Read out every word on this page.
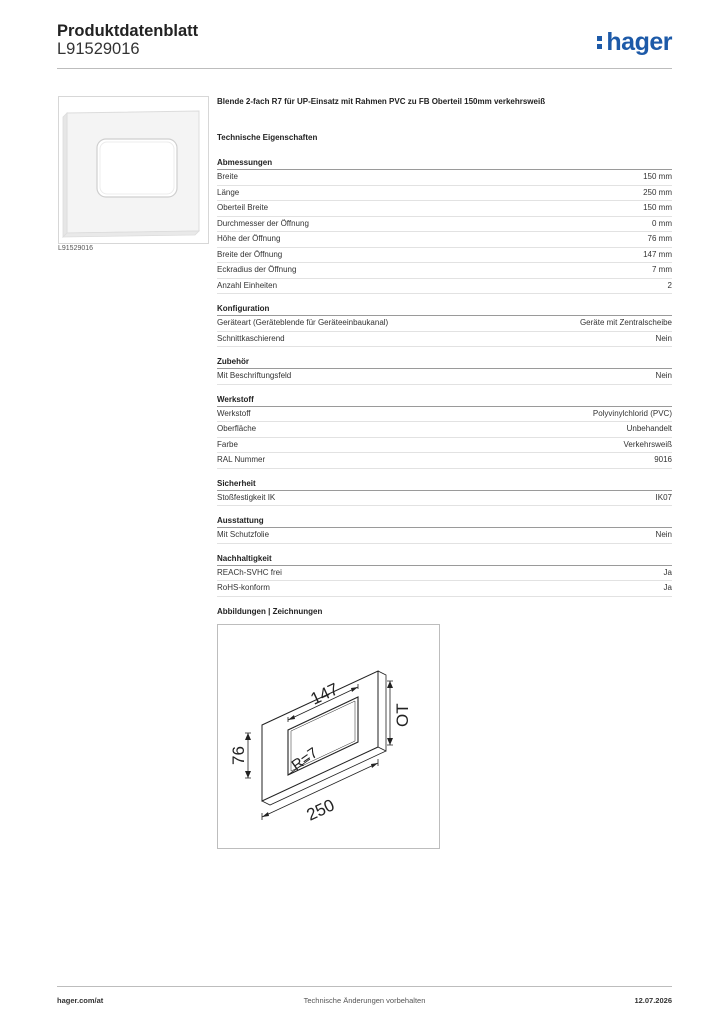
Produktdatenblatt
L91529016	hager
L91529016
Blende 2-fach R7 für UP-Einsatz mit Rahmen PVC zu FB Oberteil 150mm verkehrsweiß
Technische Eigenschaften
Abmessungen
Breite	150 mm
Länge	250 mm
Oberteil Breite	150 mm
Durchmesser der Öffnung	0 mm
Höhe der Öffnung	76 mm
Breite der Öffnung	147 mm
Eckradius der Öffnung	7 mm
Anzahl Einheiten	2
Konfiguration
Geräteart (Geräteblende für Geräteeinbaukanal)	Geräte mit Zentralscheibe
Schnittkaschierend	Nein
Zubehör
Mit Beschriftungsfeld	Nein
Werkstoff
Werkstoff	Polyvinylchlorid (PVC)
Oberfläche	Unbehandelt
Farbe	Verkehrsweiß
RAL Nummer	9016
Sicherheit
Stoßfestigkeit IK	IK07
Ausstattung
Mit Schutzfolie	Nein
Nachhaltigkeit
REACh-SVHC frei	Ja
RoHS-konform	Ja
Abbildungen | Zeichnungen
147
76	R=7
OT
250
hager.com/at	Technische Änderungen vorbehalten	12.07.2026
